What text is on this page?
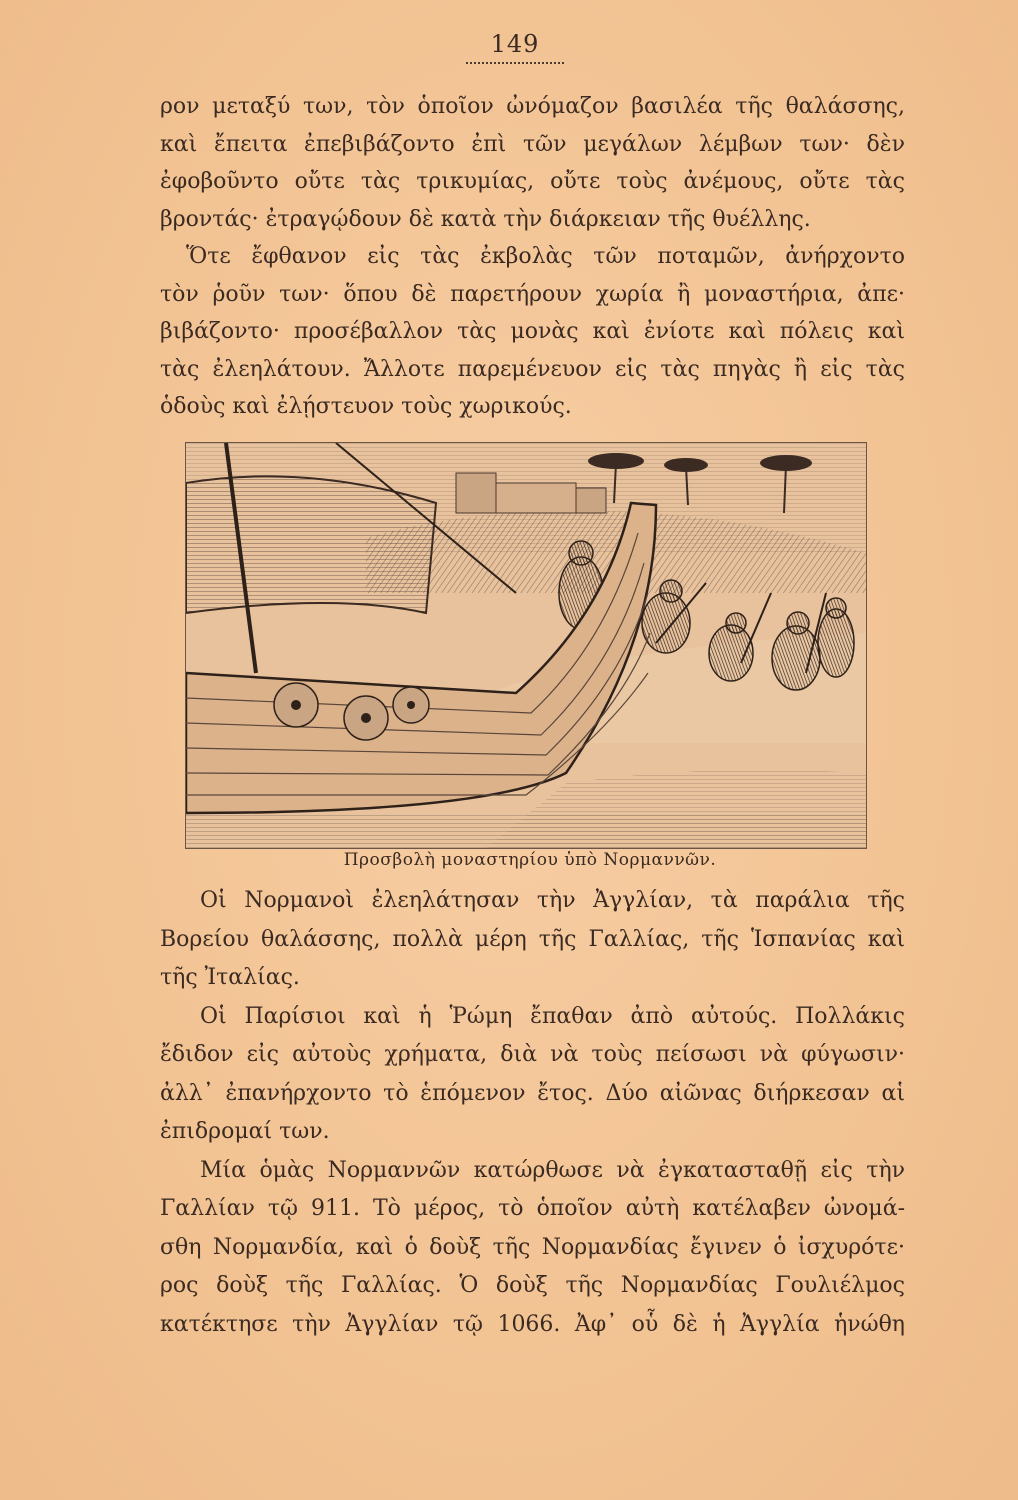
149
ρον μεταξύ των, τὸν ὁποῖον ὠνόμαζον βασιλέα τῆς θαλάσσης,
καὶ ἔπειτα ἐπεβιβάζοντο ἐπὶ τῶν μεγάλων λέμβων των· δὲν
ἐφοβοῦντο οὔτε τὰς τρικυμίας, οὔτε τοὺς ἀνέμους, οὔτε τὰς
βροντάς· ἐτραγῴδουν δὲ κατὰ τὴν διάρκειαν τῆς θυέλλης.
Ὅτε ἔφθανον εἰς τὰς ἐκβολὰς τῶν ποταμῶν, ἀνήρχοντο
τὸν ῥοῦν των· ὅπου δὲ παρετήρουν χωρία ἢ μοναστήρια, ἀπε·
βιβάζοντο· προσέβαλλον τὰς μονὰς καὶ ἐνίοτε καὶ πόλεις καὶ
τὰς ἐλεηλάτουν. Ἄλλοτε παρεμένευον εἰς τὰς πηγὰς ἢ εἰς τὰς
ὁδοὺς καὶ ἐλῄστευον τοὺς χωρικούς.
Προσβολὴ μοναστηρίου ὑπὸ Νορμαννῶν.
Οἱ Νορμανοὶ ἐλεηλάτησαν τὴν Ἀγγλίαν, τὰ παράλια τῆς
Βορείου θαλάσσης, πολλὰ μέρη τῆς Γαλλίας, τῆς Ἱσπανίας καὶ
τῆς Ἰταλίας.
Οἱ Παρίσιοι καὶ ἡ Ῥώμη ἔπαθαν ἀπὸ αὐτούς. Πολλάκις
ἔδιδον εἰς αὐτοὺς χρήματα, διὰ νὰ τοὺς πείσωσι νὰ φύγωσιν·
ἀλλ᾿ ἐπανήρχοντο τὸ ἑπόμενον ἔτος. Δύο αἰῶνας διήρκεσαν αἱ
ἐπιδρομαί των.
Μία ὁμὰς Νορμαννῶν κατώρθωσε νὰ ἐγκατασταθῇ εἰς τὴν
Γαλλίαν τῷ 911. Τὸ μέρος, τὸ ὁποῖον αὐτὴ κατέλαβεν ὠνομά-
σθη Νορμανδία, καὶ ὁ δοὺξ τῆς Νορμανδίας ἔγινεν ὁ ἰσχυρότε·
ρος δοὺξ τῆς Γαλλίας. Ὁ δοὺξ τῆς Νορμανδίας Γουλιέλμος
κατέκτησε τὴν Ἀγγλίαν τῷ 1066. Ἀφ᾿ οὗ δὲ ἡ Ἀγγλία ἡνώθη
